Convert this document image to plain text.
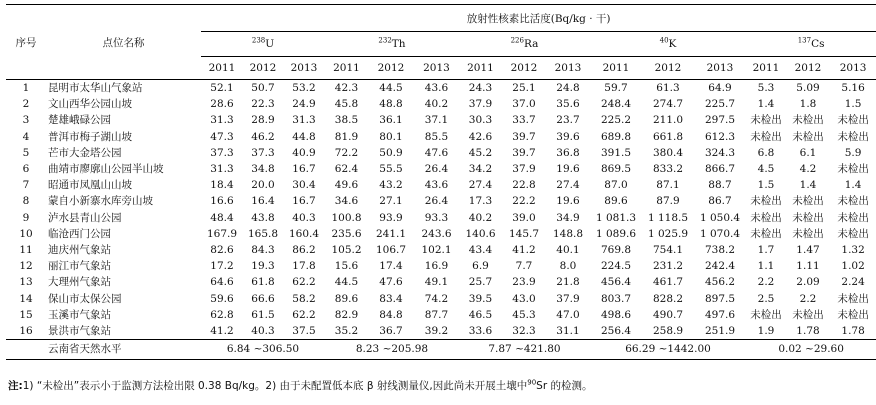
序号	点位名称	放射性核素比活度(Bq/kg · 干)														
		$^{238}$U			$^{232}$Th			$^{226}$Ra			$^{40}$K			$^{137}$Cs		
		2011	2012	2013	2011	2012	2013	2011	2012	2013	2011	2012	2013	2011	2012	2013
1	昆明市太华山气象站	52.1	50.7	53.2	42.3	44.5	43.6	24.3	25.1	24.8	59.7	61.3	64.9	5.3	5.09	5.16
2	文山西华公园山坡	28.6	22.3	24.9	45.8	48.8	40.2	37.9	37.0	35.6	248.4	274.7	225.7	1.4	1.8	1.5
3	楚雄峨碌公园	31.3	28.9	31.3	38.5	36.1	37.1	30.3	33.7	23.7	225.2	211.0	297.5	未检出	未检出	未检出
4	普洱市梅子湖山坡	47.3	46.2	44.8	81.9	80.1	85.5	42.6	39.7	39.6	689.8	661.8	612.3	未检出	未检出	未检出
5	芒市大金塔公园	37.3	37.3	40.9	72.2	50.9	47.6	45.2	39.7	36.8	391.5	380.4	324.3	6.8	6.1	5.9
6	曲靖市廖廓山公园半山坡	31.3	34.8	16.7	62.4	55.5	26.4	34.2	37.9	19.6	869.5	833.2	866.7	4.5	4.2	未检出
7	昭通市凤凰山山坡	18.4	20.0	30.4	49.6	43.2	43.6	27.4	22.8	27.4	87.0	87.1	88.7	1.5	1.4	1.4
8	蒙自小新寨水库旁山坡	16.6	16.4	16.7	34.6	27.1	26.4	17.3	22.2	19.6	89.6	87.9	86.7	未检出	未检出	未检出
9	泸水县青山公园	48.4	43.8	40.3	100.8	93.9	93.3	40.2	39.0	34.9	1 081.3	1 118.5	1 050.4	未检出	未检出	未检出
10	临沧西门公园	167.9	165.8	160.4	235.6	241.1	243.6	140.6	145.7	148.8	1 089.6	1 025.9	1 070.4	未检出	未检出	未检出
11	迪庆州气象站	82.6	84.3	86.2	105.2	106.7	102.1	43.4	41.2	40.1	769.8	754.1	738.2	1.7	1.47	1.32
12	丽江市气象站	17.2	19.3	17.8	15.6	17.4	16.9	6.9	7.7	8.0	224.5	231.2	242.4	1.1	1.11	1.02
13	大理州气象站	64.6	61.8	62.2	44.5	47.6	49.1	25.7	23.9	21.8	456.4	461.7	456.2	2.2	2.09	2.24
14	保山市太保公园	59.6	66.6	58.2	89.6	83.4	74.2	39.5	43.0	37.9	803.7	828.2	897.5	2.5	2.2	未检出
15	玉溪市气象站	62.8	61.5	62.2	82.9	84.8	87.7	46.5	45.3	47.0	498.6	490.7	497.6	未检出	未检出	未检出
16	景洪市气象站	41.2	40.3	37.5	35.2	36.7	39.2	33.6	32.3	31.1	256.4	258.9	251.9	1.9	1.78	1.78
	云南省天然水平	6.84 ~306.50			8.23 ~205.98			7.87 ~421.80			66.29 ~1442.00			0.02 ~29.60		
注:1) “未检出”表示小于监测方法检出限 0.38 Bq/kg。2) 由于未配置低本底 β 射线测量仪,因此尚未开展土壤中$^{90}$Sr 的检测。
